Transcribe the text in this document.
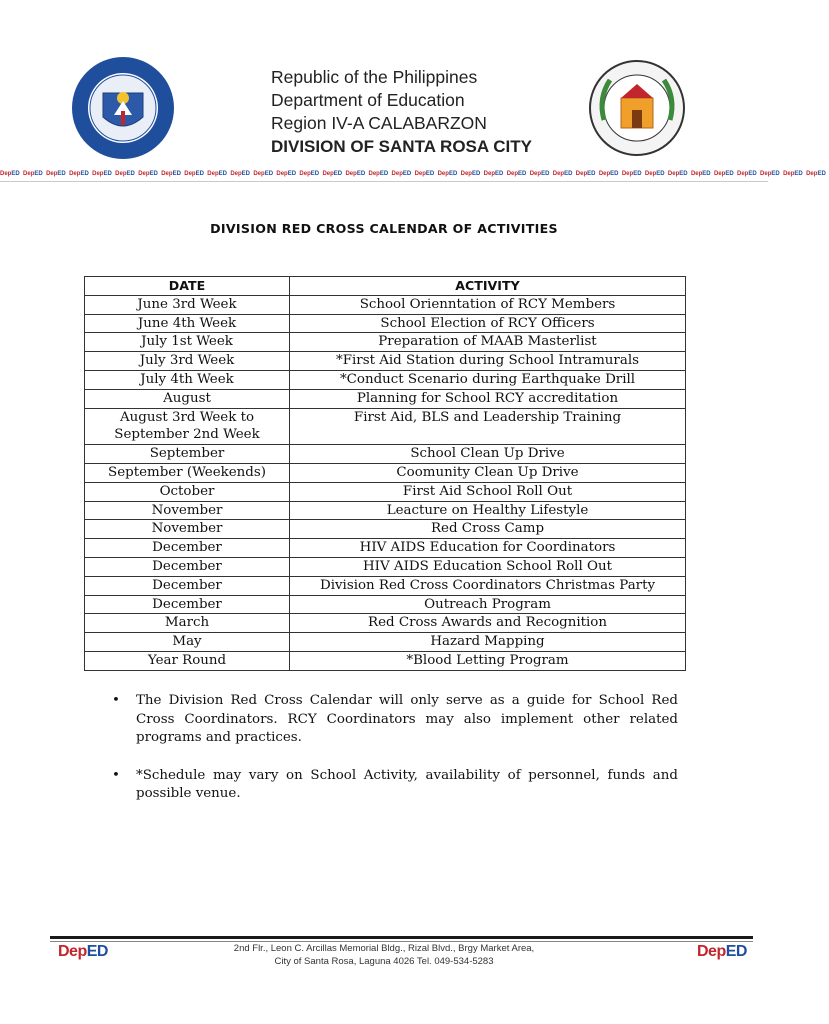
Republic of the Philippines
Department of Education
Region IV-A CALABARZON
DIVISION OF SANTA ROSA CITY
DepED DepED DepED DepED DepED DepED DepED DepED DepED DepED DepED DepED DepED DepED DepED DepED DepED DepED DepED DepED DepED DepED DepED DepED DepED DepED DepED DepED DepED DepED DepED DepED DepED DepED DepED DepED
DIVISION RED CROSS CALENDAR OF ACTIVITIES
DATE	ACTIVITY
June 3rd Week	School Orienntation of RCY Members
June 4th Week	School Election of RCY Officers
July 1st Week	Preparation of MAAB Masterlist
July 3rd Week	*First Aid Station during School Intramurals
July 4th Week	*Conduct Scenario during Earthquake Drill
August	Planning for School RCY accreditation
August 3rd Week to September 2nd Week	First Aid, BLS and Leadership Training
September	School Clean Up Drive
September (Weekends)	Coomunity Clean Up Drive
October	First Aid School Roll Out
November	Leacture on Healthy Lifestyle
November	Red Cross Camp
December	HIV AIDS Education for Coordinators
December	HIV AIDS Education School Roll Out
December	Division Red Cross Coordinators Christmas Party
December	Outreach Program
March	Red Cross Awards and Recognition
May	Hazard Mapping
Year Round	*Blood Letting Program
• The Division Red Cross Calendar will only serve as a guide for School Red Cross Coordinators. RCY Coordinators may also implement other related programs and practices.
• *Schedule may vary on School Activity, availability of personnel, funds and possible venue.
DepED	DepED
2nd Flr., Leon C. Arcillas Memorial Bldg., Rizal Blvd., Brgy Market Area,
City of Santa Rosa, Laguna 4026 Tel. 049-534-5283
